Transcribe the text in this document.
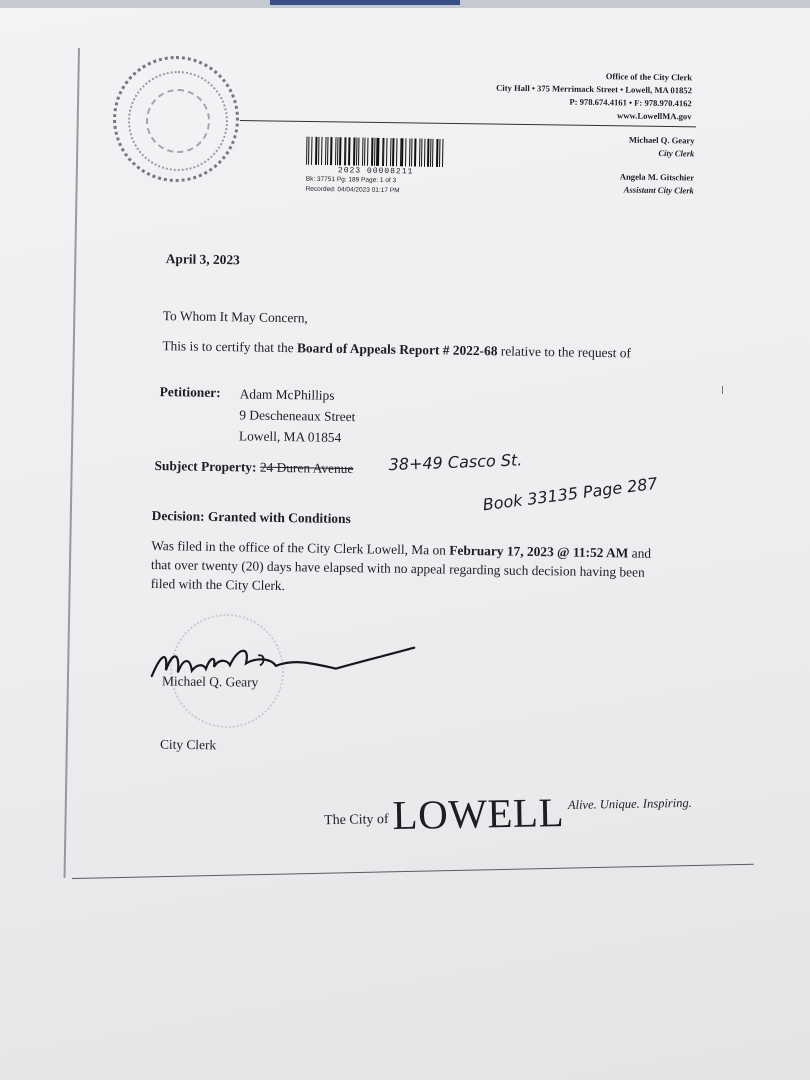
Office of the City Clerk
City Hall • 375 Merrimack Street • Lowell, MA 01852
P: 978.674.4161 • F: 978.970.4162
www.LowellMA.gov
Michael Q. Geary
City Clerk
Angela M. Gitschier
Assistant City Clerk
2023 00008211
Bk: 37751 Pg: 189 Page: 1 of 3
Recorded: 04/04/2023 01:17 PM
April 3, 2023
To Whom It May Concern,
This is to certify that the Board of Appeals Report # 2022-68 relative to the request of
Petitioner: Adam McPhillips
9 Descheneaux Street
Lowell, MA 01854
Subject Property: 24 Duren Avenue 38+49 Casco St.
Book 33135 Page 287
Decision: Granted with Conditions
Was filed in the office of the City Clerk Lowell, Ma on February 17, 2023 @ 11:52 AM and that over twenty (20) days have elapsed with no appeal regarding such decision having been filed with the City Clerk.
Michael Q. Geary
City Clerk
The City of LOWELL Alive. Unique. Inspiring.
